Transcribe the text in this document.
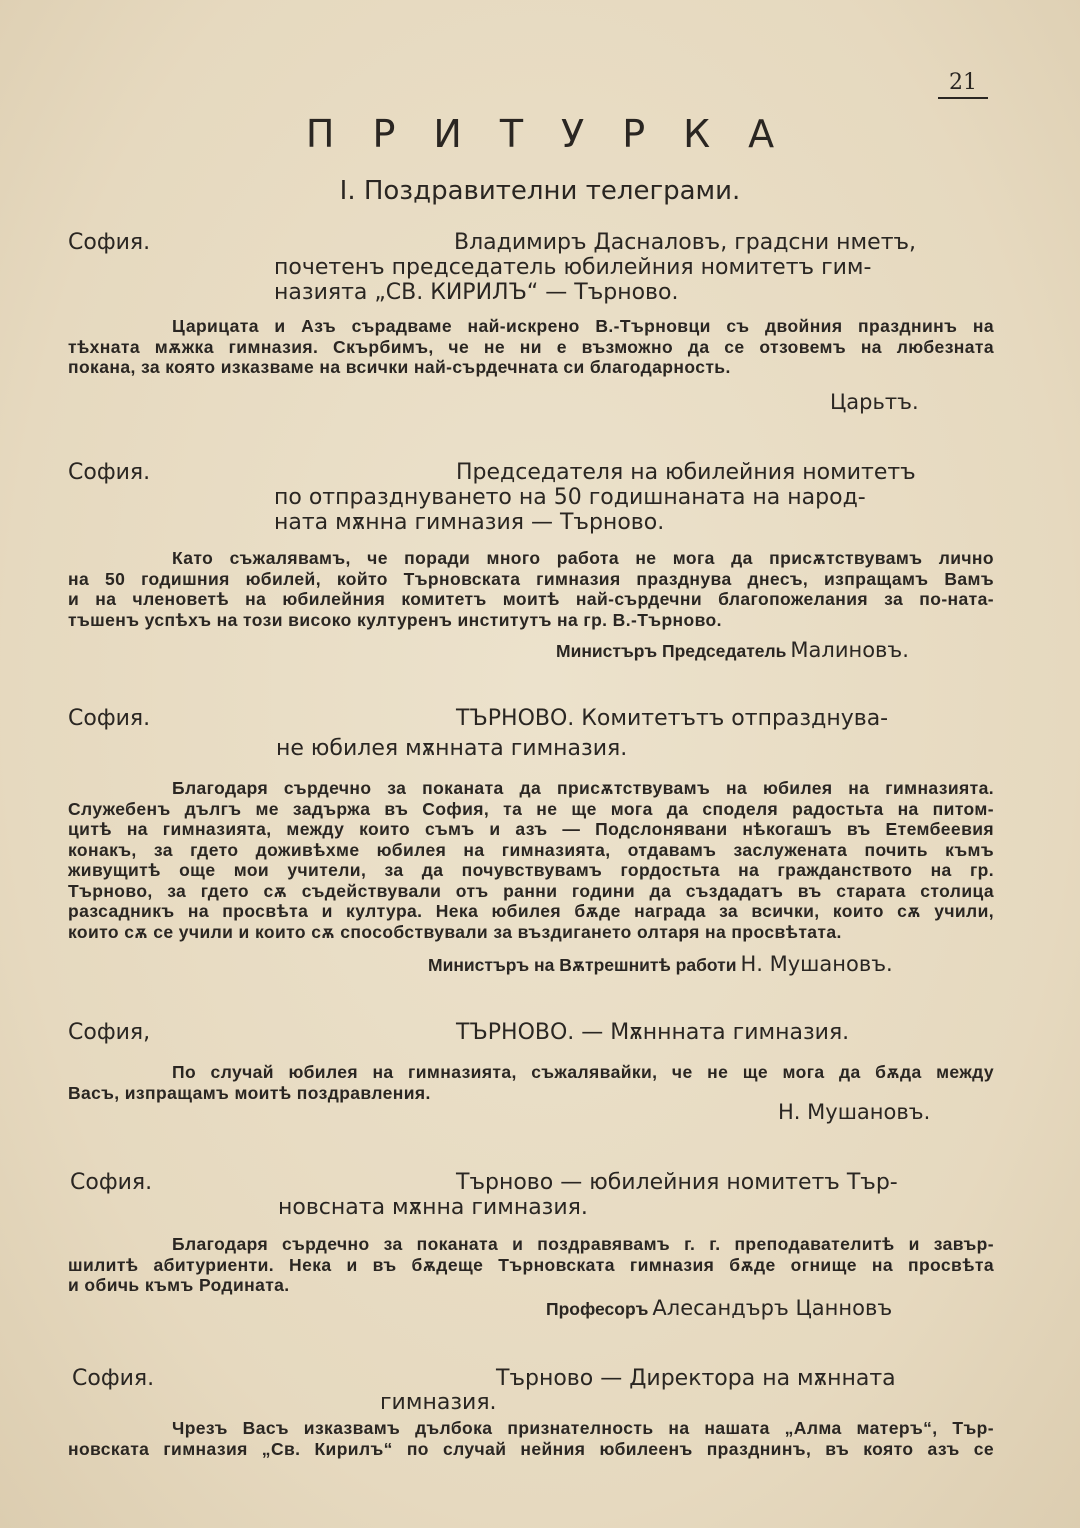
21
ПРИТУРКА
I. Поздравителни телеграми.
София.	Владимиръ Дасналовъ, градсни нметъ,
почетенъ председатель юбилейния номитетъ гим-
назията „СВ. КИРИЛЪ“ — Търново.
Царицата и Азъ сърадваме най-искрено В.-Търновци съ двойния празднинъ на
тѣхната мѫжка гимназия. Скърбимъ, че не ни е възможно да се отзовемъ на любезната
покана, за която изказваме на всички най-сърдечната си благодарность.
Царьтъ.
София.	Председателя на юбилейния номитетъ
по отпразднуването на 50 годишнаната на народ-
ната мѫнна гимназия — Търново.
Като съжалявамъ, че поради много работа не мога да присѫтствувамъ лично
на 50 годишния юбилей, който Търновската гимназия празднува днесъ, изпращамъ Вамъ
и на членоветѣ на юбилейния комитетъ моитѣ най-сърдечни благопожелания за по-ната-
тъшенъ успѣхъ на този високо културенъ институтъ на гр. В.-Търново.
Министъръ Председатель Малиновъ.
София.	ТЪРНОВО. Комитетътъ отпразднува-
не юбилея мѫнната гимназия.
Благодаря сърдечно за поканата да присѫтствувамъ на юбилея на гимназията.
Служебенъ дългъ ме задържа въ София, та не ще мога да споделя радостьта на питом-
цитѣ на гимназията, между които съмъ и азъ — Подслонявани нѣкогашъ въ Етембеевия
конакъ, за гдето доживѣхме юбилея на гимназията, отдавамъ заслужената почить къмъ
живущитѣ още мои учители, за да почувствувамъ гордостьта на гражданството на гр.
Търново, за гдето сѫ съдействували отъ ранни години да създадатъ въ старата столица
разсадникъ на просвѣта и култура. Нека юбилея бѫде награда за всички, които сѫ учили,
които сѫ се учили и които сѫ способствували за въздигането олтаря на просвѣтата.
Министъръ на Вѫтрешнитѣ работи Н. Мушановъ.
София,	ТЪРНОВО. — Мѫннната гимназия.
По случай юбилея на гимназията, съжалявайки, че не ще мога да бѫда между
Васъ, изпращамъ моитѣ поздравления.
Н. Мушановъ.
София.	Търново — юбилейния номитетъ Тър-
новсната мѫнна гимназия.
Благодаря сърдечно за поканата и поздравявамъ г. г. преподавателитѣ и завър-
шилитѣ абитуриенти. Нека и въ бѫдеще Търновската гимназия бѫде огнище на просвѣта
и обичь къмъ Родината.
Професоръ Алесандъръ Цанновъ
София.	Търново — Директора на мѫнната
гимназия.
Чрезъ Васъ изказвамъ дълбока признателность на нашата „Алма матеръ“, Тър-
новската гимназия „Св. Кирилъ“ по случай нейния юбилеенъ празднинъ, въ която азъ се
